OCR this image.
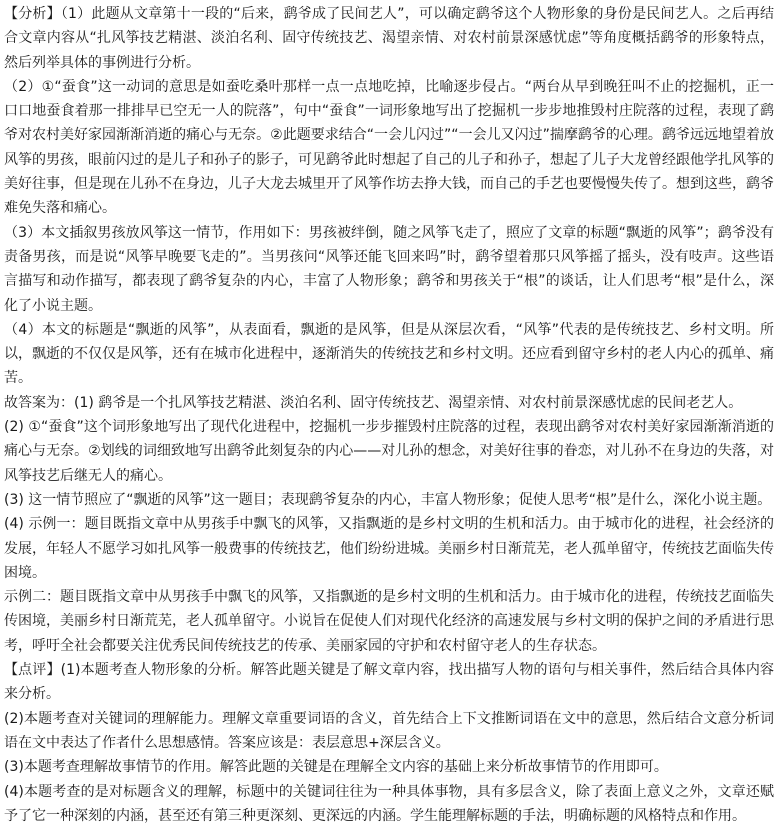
【分析】（1）此题从文章第十一段的“后来，鹞爷成了民间艺人”，可以确定鹞爷这个人物形象的身份是民间艺人。之后再结合文章内容从“扎风筝技艺精湛、淡泊名利、固守传统技艺、渴望亲情、对农村前景深感忧虑”等角度概括鹞爷的形象特点，然后列举具体的事例进行分析。

（2）①“蚕食”这一动词的意思是如蚕吃桑叶那样一点一点地吃掉，比喻逐步侵占。“两台从早到晚狂叫不止的挖掘机，正一口口地蚕食着那一排排早已空无一人的院落”，句中“蚕食”一词形象地写出了挖掘机一步步地推毁村庄院落的过程，表现了鹞爷对农村美好家园渐渐消逝的痛心与无奈。②此题要求结合“一会儿闪过”“一会儿又闪过”揣摩鹞爷的心理。鹞爷远远地望着放风筝的男孩，眼前闪过的是儿子和孙子的影子，可见鹞爷此时想起了自己的儿子和孙子，想起了儿子大龙曾经跟他学扎风筝的美好往事，但是现在儿孙不在身边，儿子大龙去城里开了风筝作坊去挣大钱，而自己的手艺也要慢慢失传了。想到这些，鹞爷难免失落和痛心。

（3）本文插叙男孩放风筝这一情节，作用如下：男孩被绊倒，随之风筝飞走了，照应了文章的标题“飘逝的风筝”；鹞爷没有责备男孩，而是说“风筝早晚要飞走的”。当男孩问“风筝还能飞回来吗”时，鹞爷望着那只风筝摇了摇头，没有吱声。这些语言描写和动作描写，都表现了鹞爷复杂的内心，丰富了人物形象；鹞爷和男孩关于“根”的谈话，让人们思考“根”是什么，深化了小说主题。

（4）本文的标题是“飘逝的风筝”，从表面看，飘逝的是风筝，但是从深层次看，“风筝”代表的是传统技艺、乡村文明。所以，飘逝的不仅仅是风筝，还有在城市化进程中，逐渐消失的传统技艺和乡村文明。还应看到留守乡村的老人内心的孤单、痛苦。

故答案为：(1) 鹞爷是一个扎风筝技艺精湛、淡泊名利、固守传统技艺、渴望亲情、对农村前景深感忧虑的民间老艺人。

(2) ①“蚕食”这个词形象地写出了现代化进程中，挖掘机一步步摧毁村庄院落的过程，表现出鹞爷对农村美好家园渐渐消逝的痛心与无奈。②划线的词细致地写出鹞爷此刻复杂的内心——对儿孙的想念，对美好往事的眷恋，对儿孙不在身边的失落，对风筝技艺后继无人的痛心。

(3) 这一情节照应了“飘逝的风筝”这一题目；表现鹞爷复杂的内心，丰富人物形象；促使人思考“根”是什么，深化小说主题。

(4) 示例一：题目既指文章中从男孩手中飘飞的风筝，又指飘逝的是乡村文明的生机和活力。由于城市化的进程，社会经济的发展，年轻人不愿学习如扎风筝一般费事的传统技艺，他们纷纷进城。美丽乡村日渐荒芜，老人孤单留守，传统技艺面临失传困境。

示例二：题目既指文章中从男孩手中飘飞的风筝，又指飘逝的是乡村文明的生机和活力。由于城市化的进程，传统技艺面临失传困境，美丽乡村日渐荒芜，老人孤单留守。小说旨在促使人们对现代化经济的高速发展与乡村文明的保护之间的矛盾进行思考，呼吁全社会都要关注优秀民间传统技艺的传承、美丽家园的守护和农村留守老人的生存状态。

【点评】(1)本题考查人物形象的分析。解答此题关键是了解文章内容，找出描写人物的语句与相关事件，然后结合具体内容来分析。

(2)本题考查对关键词的理解能力。理解文章重要词语的含义，首先结合上下文推断词语在文中的意思，然后结合文意分析词语在文中表达了作者什么思想感情。答案应该是：表层意思+深层含义。

(3)本题考查理解故事情节的作用。解答此题的关键是在理解全文内容的基础上来分析故事情节的作用即可。

(4)本题考查的是对标题含义的理解，标题中的关键词往往为一种具体事物，具有多层含义，除了表面上意义之外，文章还赋予了它一种深刻的内涵，甚至还有第三种更深刻、更深远的内涵。学生能理解标题的手法，明确标题的风格特点和作用。
